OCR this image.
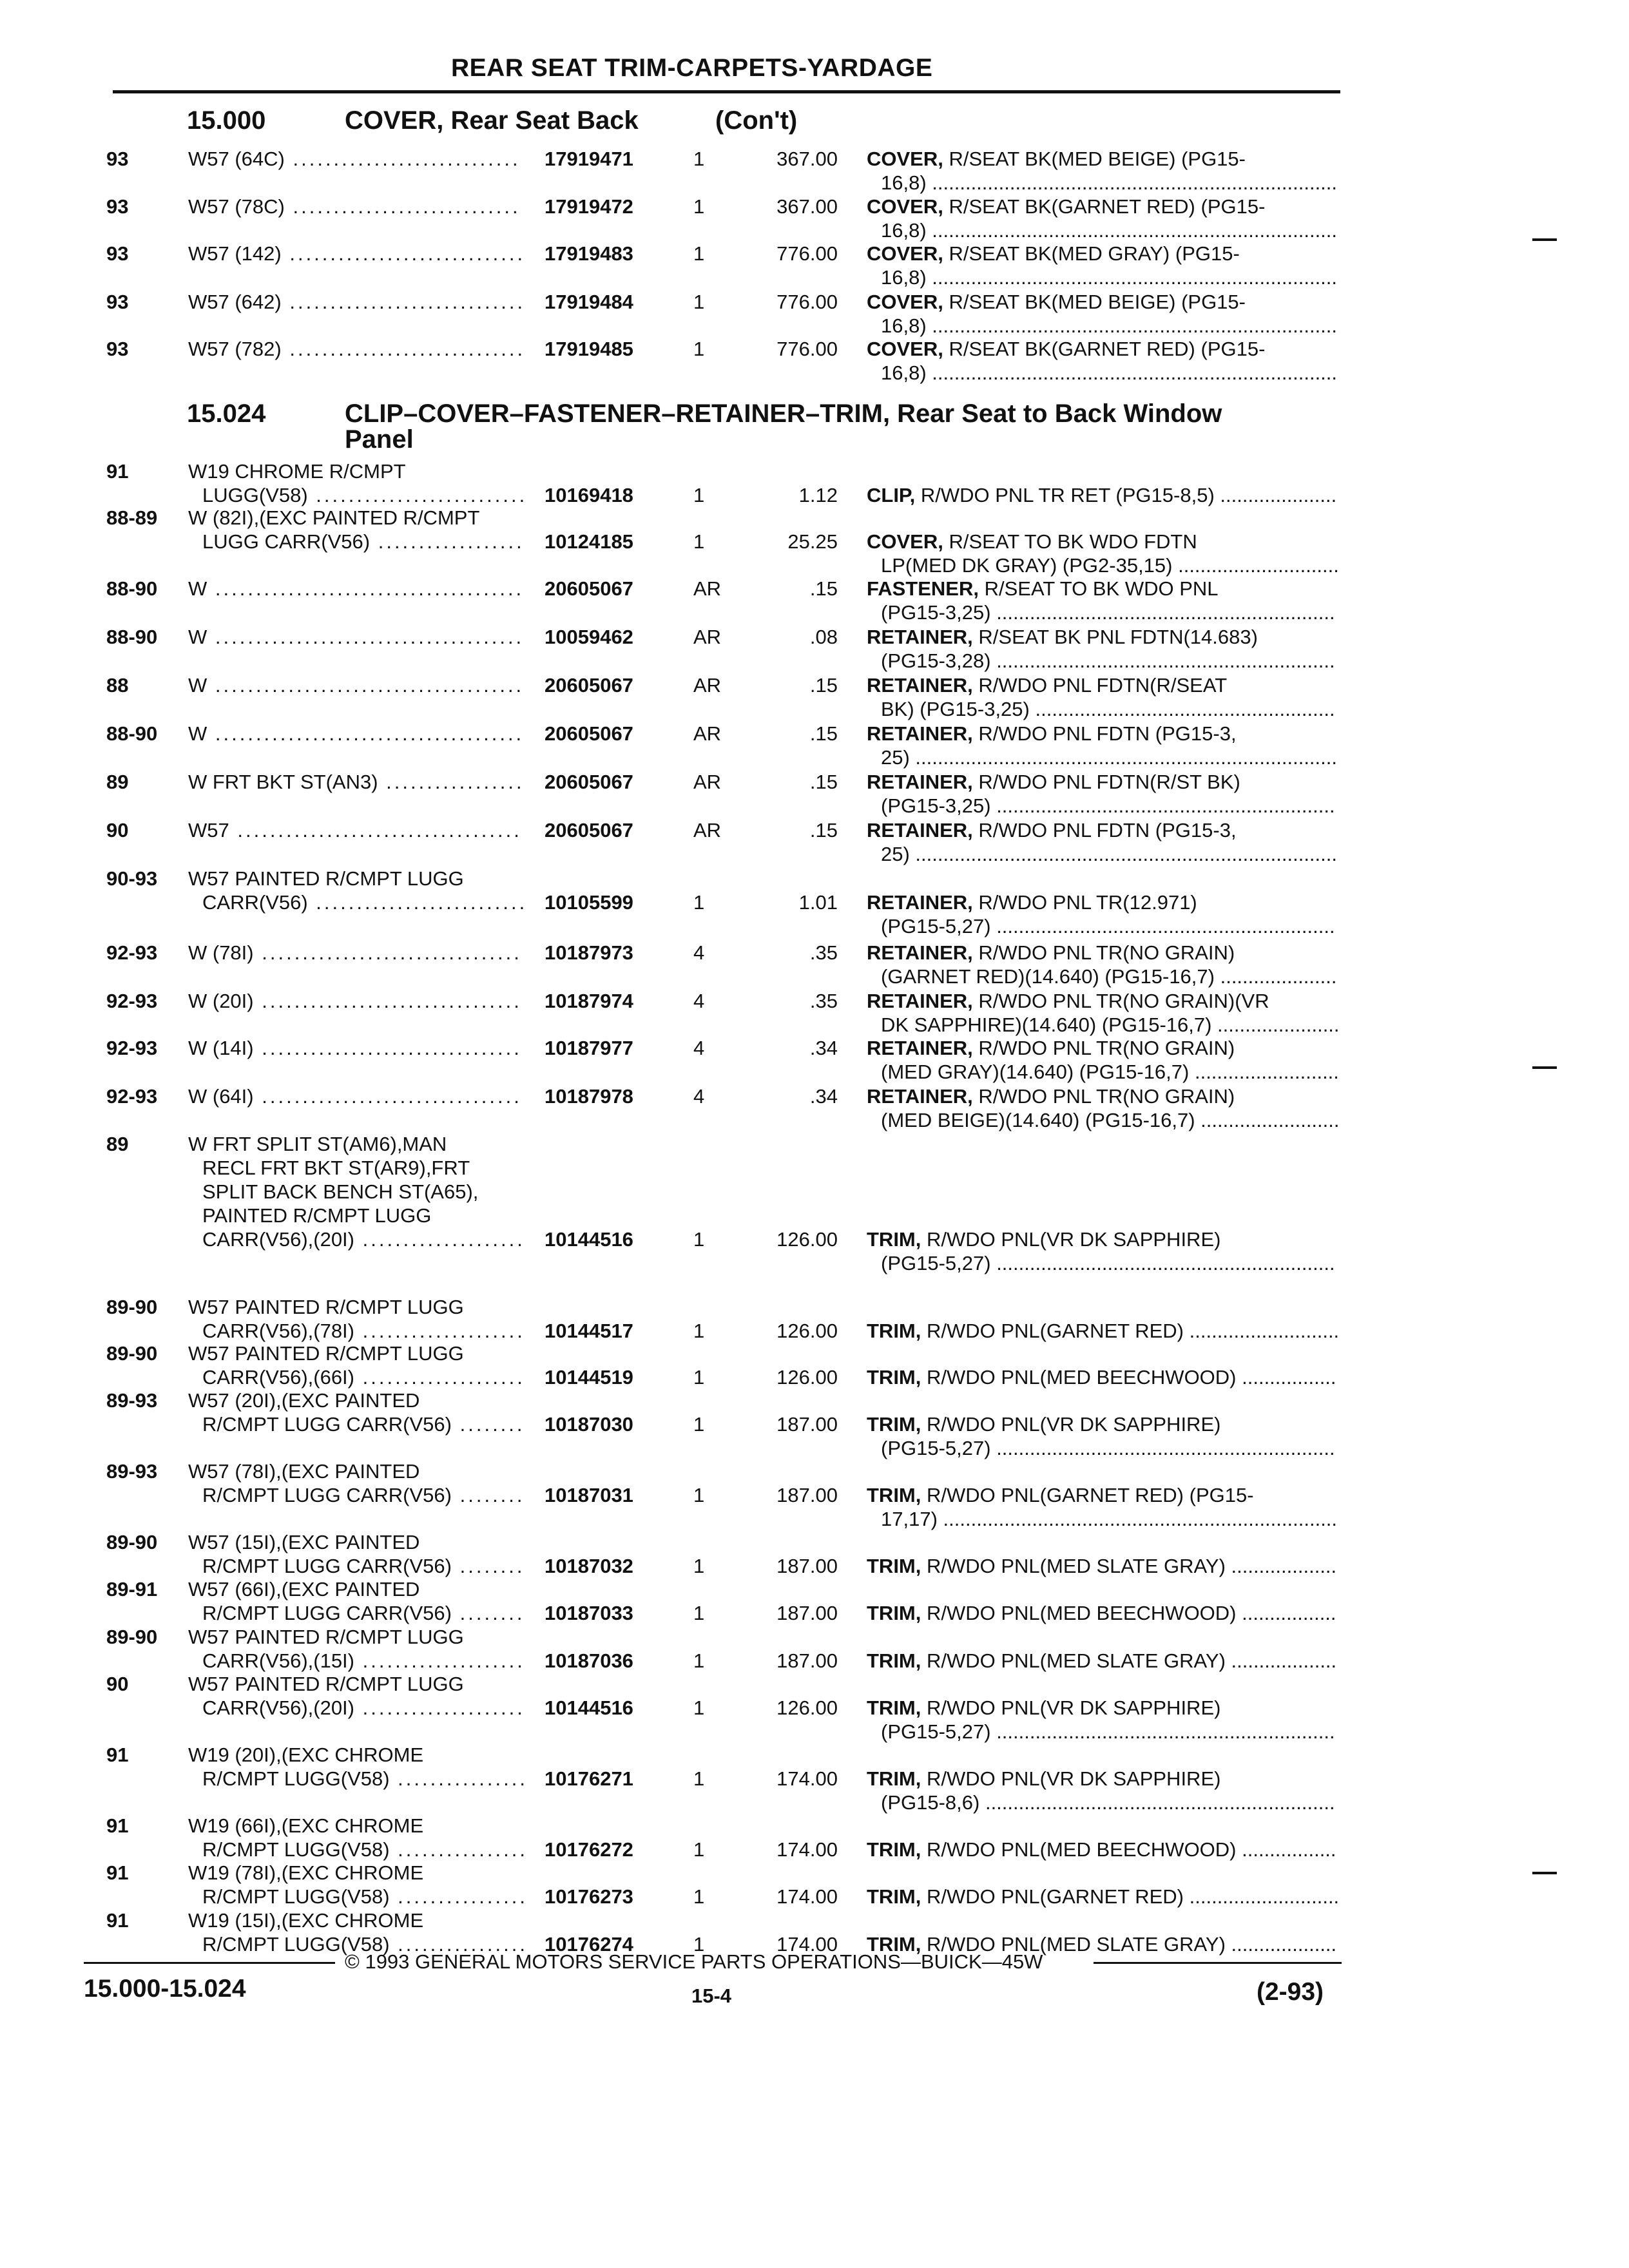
REAR SEAT TRIM-CARPETS-YARDAGE
15.000	COVER, Rear Seat Back	(Con't)
15.024	CLIP–COVER–FASTENER–RETAINER–TRIM, Rear Seat to Back Window
Panel
93	W57 (64C) ............................ 17919471	1	367.00 COVER, R/SEAT BK(MED BEIGE) (PG15-
16,8) .........................................................................
93	W57 (78C) ............................ 17919472	1	367.00 COVER, R/SEAT BK(GARNET RED) (PG15-
16,8) .........................................................................
93	W57 (142) ............................. 17919483	1	776.00 COVER, R/SEAT BK(MED GRAY) (PG15-
16,8) .........................................................................
93	W57 (642) ............................. 17919484	1	776.00 COVER, R/SEAT BK(MED BEIGE) (PG15-
16,8) .........................................................................
93	W57 (782) ............................. 17919485	1	776.00 COVER, R/SEAT BK(GARNET RED) (PG15-
16,8) .........................................................................
91	W19 CHROME R/CMPT
LUGG(V58) .......................... 10169418	1	1.12 CLIP, R/WDO PNL TR RET (PG15-8,5) .....................
88-89 W (82I),(EXC PAINTED R/CMPT
LUGG CARR(V56) .................. 10124185	1	25.25 COVER, R/SEAT TO BK WDO FDTN
LP(MED DK GRAY) (PG2-35,15) .............................
88-90 W ...................................... 20605067	AR	.15 FASTENER, R/SEAT TO BK WDO PNL
(PG15-3,25) .............................................................
88-90 W ...................................... 10059462	AR	.08 RETAINER, R/SEAT BK PNL FDTN(14.683)
(PG15-3,28) .............................................................
88	W ...................................... 20605067	AR	.15 RETAINER, R/WDO PNL FDTN(R/SEAT
BK) (PG15-3,25) ......................................................
88-90 W ...................................... 20605067	AR	.15 RETAINER, R/WDO PNL FDTN (PG15-3,
25) ............................................................................
89	W FRT BKT ST(AN3) ................. 20605067	AR	.15 RETAINER, R/WDO PNL FDTN(R/ST BK)
(PG15-3,25) .............................................................
90	W57 ................................... 20605067	AR	.15 RETAINER, R/WDO PNL FDTN (PG15-3,
25) ............................................................................
90-93 W57 PAINTED R/CMPT LUGG
CARR(V56) .......................... 10105599	1	1.01 RETAINER, R/WDO PNL TR(12.971)
(PG15-5,27) .............................................................
92-93 W (78I) ................................ 10187973	4	.35 RETAINER, R/WDO PNL TR(NO GRAIN)
(GARNET RED)(14.640) (PG15-16,7) .....................
92-93 W (20I) ................................ 10187974	4	.35 RETAINER, R/WDO PNL TR(NO GRAIN)(VR
DK SAPPHIRE)(14.640) (PG15-16,7) ......................
92-93 W (14I) ................................ 10187977	4	.34 RETAINER, R/WDO PNL TR(NO GRAIN)
(MED GRAY)(14.640) (PG15-16,7) ..........................
92-93 W (64I) ................................ 10187978	4	.34 RETAINER, R/WDO PNL TR(NO GRAIN)
(MED BEIGE)(14.640) (PG15-16,7) .........................
89	W FRT SPLIT ST(AM6),MAN
RECL FRT BKT ST(AR9),FRT
SPLIT BACK BENCH ST(A65),
PAINTED R/CMPT LUGG
CARR(V56),(20I) .................... 10144516	1	126.00 TRIM, R/WDO PNL(VR DK SAPPHIRE)
(PG15-5,27) .............................................................
89-90 W57 PAINTED R/CMPT LUGG
CARR(V56),(78I) .................... 10144517	1	126.00 TRIM, R/WDO PNL(GARNET RED) ...........................
89-90 W57 PAINTED R/CMPT LUGG
CARR(V56),(66I) .................... 10144519	1	126.00 TRIM, R/WDO PNL(MED BEECHWOOD) .................
89-93 W57 (20I),(EXC PAINTED
R/CMPT LUGG CARR(V56) ........ 10187030	1	187.00 TRIM, R/WDO PNL(VR DK SAPPHIRE)
(PG15-5,27) .............................................................
89-93 W57 (78I),(EXC PAINTED
R/CMPT LUGG CARR(V56) ........ 10187031	1	187.00 TRIM, R/WDO PNL(GARNET RED) (PG15-
17,17) .......................................................................
89-90 W57 (15I),(EXC PAINTED
R/CMPT LUGG CARR(V56) ........ 10187032	1	187.00 TRIM, R/WDO PNL(MED SLATE GRAY) ...................
89-91 W57 (66I),(EXC PAINTED
R/CMPT LUGG CARR(V56) ........ 10187033	1	187.00 TRIM, R/WDO PNL(MED BEECHWOOD) .................
89-90 W57 PAINTED R/CMPT LUGG
CARR(V56),(15I) .................... 10187036	1	187.00 TRIM, R/WDO PNL(MED SLATE GRAY) ...................
90	W57 PAINTED R/CMPT LUGG
CARR(V56),(20I) .................... 10144516	1	126.00 TRIM, R/WDO PNL(VR DK SAPPHIRE)
(PG15-5,27) .............................................................
91	W19 (20I),(EXC CHROME
R/CMPT LUGG(V58) ................ 10176271	1	174.00 TRIM, R/WDO PNL(VR DK SAPPHIRE)
(PG15-8,6) ...............................................................
91	W19 (66I),(EXC CHROME
R/CMPT LUGG(V58) ................ 10176272	1	174.00 TRIM, R/WDO PNL(MED BEECHWOOD) .................
91	W19 (78I),(EXC CHROME
R/CMPT LUGG(V58) ................ 10176273	1	174.00 TRIM, R/WDO PNL(GARNET RED) ...........................
91	W19 (15I),(EXC CHROME
R/CMPT LUGG(V58) ................ 10176274	1	174.00 TRIM, R/WDO PNL(MED SLATE GRAY) ...................
© 1993 GENERAL MOTORS SERVICE PARTS OPERATIONS—BUICK—45W
15.000-15.024	15-4	(2-93)
